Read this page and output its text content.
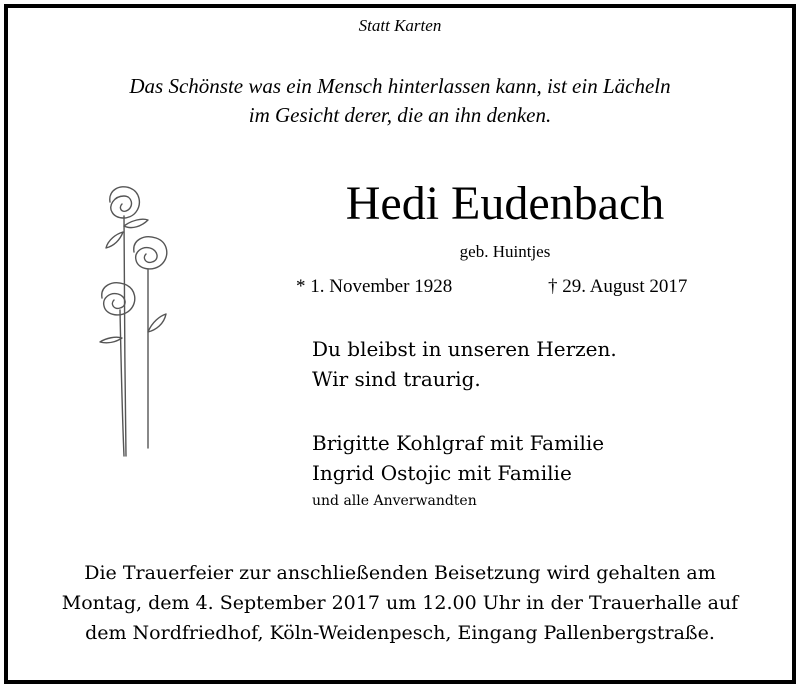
Statt Karten
Das Schönste was ein Mensch hinterlassen kann, ist ein Lächeln
im Gesicht derer, die an ihn denken.
Hedi Eudenbach
geb. Huintjes
* 1. November 1928	† 29. August 2017
Du bleibst in unseren Herzen.
Wir sind traurig.
Brigitte Kohlgraf mit Familie
Ingrid Ostojic mit Familie
und alle Anverwandten
Die Trauerfeier zur anschließenden Beisetzung wird gehalten am
Montag, dem 4. September 2017 um 12.00 Uhr in der Trauerhalle auf
dem Nordfriedhof, Köln-Weidenpesch, Eingang Pallenbergstraße.
